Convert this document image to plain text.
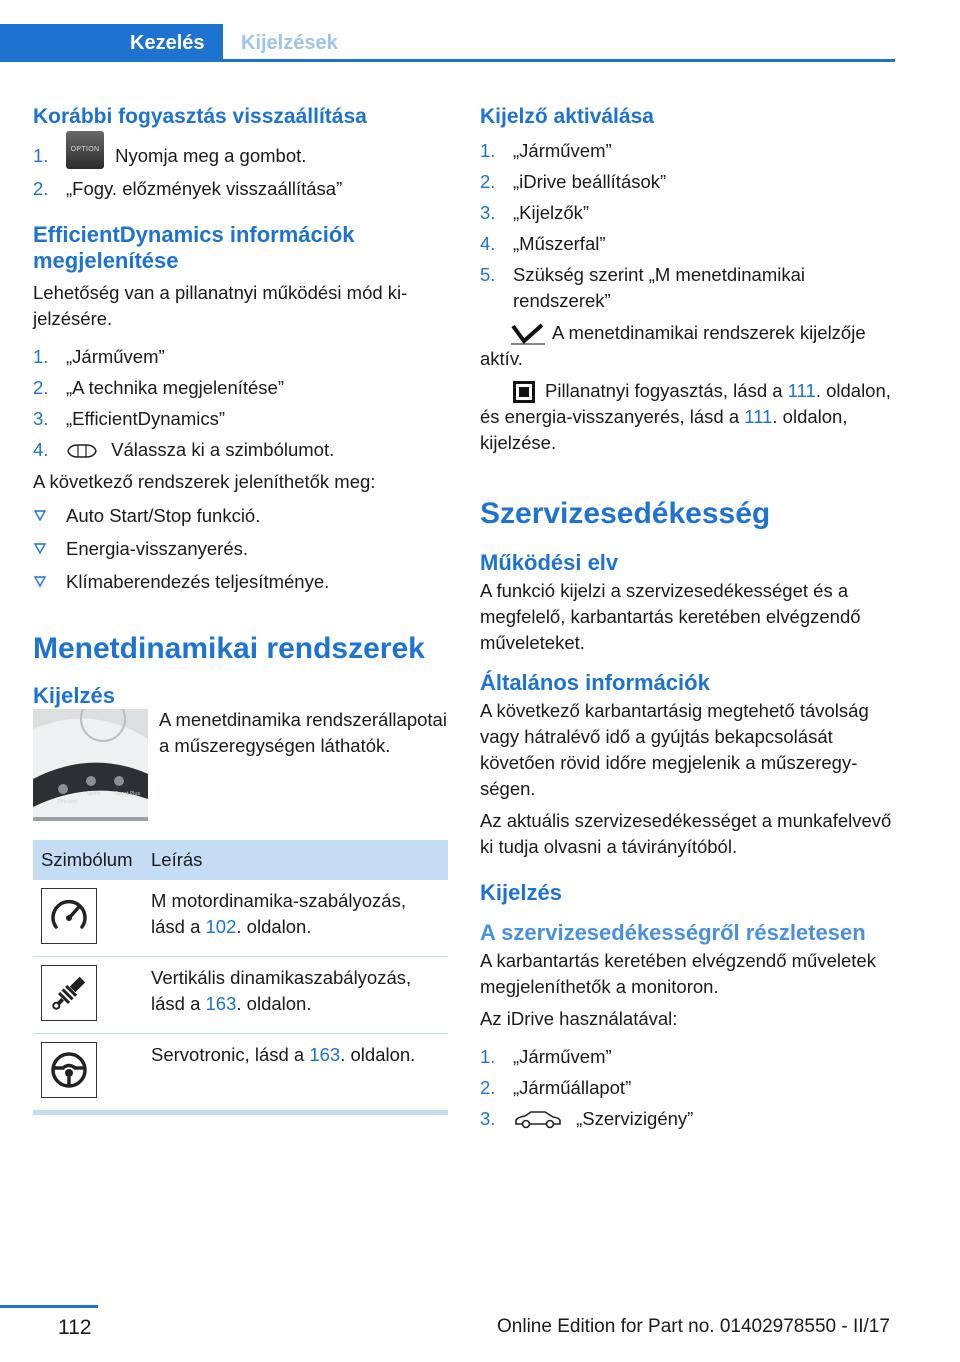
Kezelés	Kijelzések
Korábbi fogyasztás visszaállítása
1.	OPTION Nyomja meg a gombot.
2. „Fogy. előzmények visszaállítása”
EfficientDynamics információk megjelenítése
Lehetőség van a pillanatnyi működési mód kijelzésére.
1. „Járművem”
2. „A technika megjelenítése”
3. „EfficientDynamics”
4.	Válassza ki a szimbólumot.
A következő rendszerek jeleníthetők meg:
Auto Start/Stop funkció.
Energia-visszanyerés.
Klímaberendezés teljesítménye.
Menetdinamikai rendszerek
Kijelzés
Efficient
Sport	Sport Plus
A menetdinamika rendszerállapotai a műszeregységen láthatók.
Szimbólum	Leírás

	M motordinamika-szabályozás, lásd a 102. oldalon.

	Vertikális dinamikaszabályozás, lásd a 163. oldalon.

	Servotronic, lásd a 163. oldalon.
Kijelző aktiválása
1. „Járművem”
2. „iDrive beállítások”
3. „Kijelzők”
4. „Műszerfal”
5. Szükség szerint „M menetdinamikai rendszerek”
A menetdinamikai rendszerek kijelzője aktív.
Pillanatnyi fogyasztás, lásd a 111. oldalon, és energia-visszanyerés, lásd a 111. oldalon, kijelzése.
Szervizesedékesség
Működési elv
A funkció kijelzi a szervizesedékességet és a megfelelő, karbantartás keretében elvégzendő műveleteket.
Általános információk
A következő karbantartásig megtehető távolság vagy hátralévő idő a gyújtás bekapcsolását követően rövid időre megjelenik a műszeregységen.
Az aktuális szervizesedékességet a munkafelvevő ki tudja olvasni a távirányítóból.
Kijelzés
A szervizesedékességről részletesen
A karbantartás keretében elvégzendő műveletek megjeleníthetők a monitoron.
Az iDrive használatával:
1. „Járművem”
2. „Járműállapot”
3.	„Szervizigény”
112	Online Edition for Part no. 01402978550 - II/17
